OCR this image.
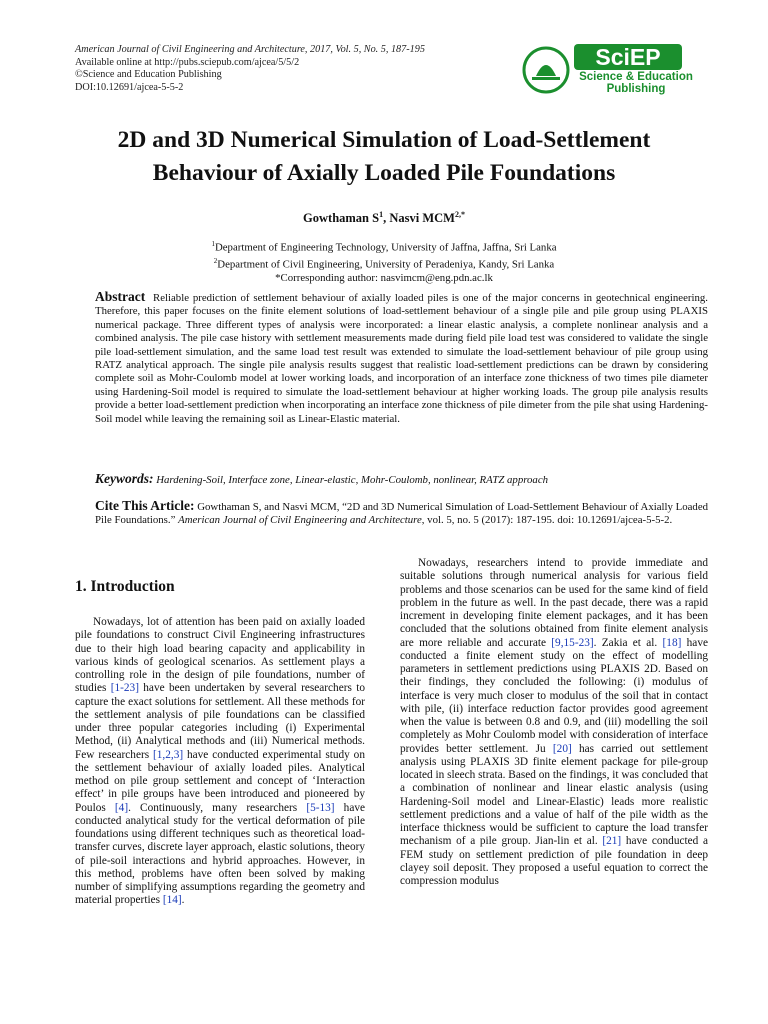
American Journal of Civil Engineering and Architecture, 2017, Vol. 5, No. 5, 187-195
Available online at http://pubs.sciepub.com/ajcea/5/5/2
©Science and Education Publishing
DOI:10.12691/ajcea-5-5-2
SciEP
Science & Education
Publishing
2D and 3D Numerical Simulation of Load-Settlement
Behaviour of Axially Loaded Pile Foundations
Gowthaman $S^1$, Nasvi $MCM^{2,*}$
$^1$Department of Engineering Technology, University of Jaffna, Jaffna, Sri Lanka
$^2$Department of Civil Engineering, University of Peradeniya, Kandy, Sri Lanka
*Corresponding author: nasvimcm@eng.pdn.ac.lk
Abstract Reliable prediction of settlement behaviour of axially loaded piles is one of the major concerns in geotechnical engineering. Therefore, this paper focuses on the finite element solutions of load-settlement behaviour of a single pile and pile group using PLAXIS numerical package. Three different types of analysis were incorporated: a linear elastic analysis, a complete nonlinear analysis and a combined analysis. The pile case history with settlement measurements made during field pile load test was considered to validate the single pile load-settlement simulation, and the same load test result was extended to simulate the load-settlement behaviour of pile group using RATZ analytical approach. The single pile analysis results suggest that realistic load-settlement predictions can be drawn by considering complete soil as Mohr-Coulomb model at lower working loads, and incorporation of an interface zone thickness of two times pile diameter using Hardening-Soil model is required to simulate the load-settlement behaviour at higher working loads. The group pile analysis results provide a better load-settlement prediction when incorporating an interface zone thickness of pile dimeter from the pile shat using Hardening-Soil model while leaving the remaining soil as Linear-Elastic material.
Keywords: Hardening-Soil, Interface zone, Linear-elastic, Mohr-Coulomb, nonlinear, RATZ approach
Cite This Article: Gowthaman S, and Nasvi MCM, “2D and 3D Numerical Simulation of Load-Settlement Behaviour of Axially Loaded Pile Foundations.” American Journal of Civil Engineering and Architecture, vol. 5, no. 5 (2017): 187-195. doi: 10.12691/ajcea-5-5-2.
1. Introduction

Nowadays, lot of attention has been paid on axially loaded pile foundations to construct Civil Engineering infrastructures due to their high load bearing capacity and applicability in various kinds of geological scenarios. As settlement plays a controlling role in the design of pile foundations, number of studies [1-23] have been undertaken by several researchers to capture the exact solutions for settlement. All these methods for the settlement analysis of pile foundations can be classified under three popular categories including (i) Experimental Method, (ii) Analytical methods and (iii) Numerical methods. Few researchers [1,2,3] have conducted experimental study on the settlement behaviour of axially loaded piles. Analytical method on pile group settlement and concept of ‘Interaction effect’ in pile groups have been introduced and pioneered by Poulos [4]. Continuously, many researchers [5-13] have conducted analytical study for the vertical deformation of pile foundations using different techniques such as theoretical load-transfer curves, discrete layer approach, elastic solutions, theory of pile-soil interactions and hybrid approaches. However, in this method, problems have often been solved by making number of simplifying assumptions regarding the geometry and material properties [14].

Nowadays, researchers intend to provide immediate and suitable solutions through numerical analysis for various field problems and those scenarios can be used for the same kind of field problem in the future as well. In the past decade, there was a rapid increment in developing finite element packages, and it has been concluded that the solutions obtained from finite element analysis are more reliable and accurate [9,15-23]. Zakia et al. [18] have conducted a finite element study on the effect of modelling parameters in settlement predictions using PLAXIS 2D. Based on their findings, they concluded the following: (i) modulus of interface is very much closer to modulus of the soil that in contact with pile, (ii) interface reduction factor provides good agreement when the value is between 0.8 and 0.9, and (iii) modelling the soil completely as Mohr Coulomb model with consideration of interface provides better settlement. Ju [20] has carried out settlement analysis using PLAXIS 3D finite element package for pile-group located in sleech strata. Based on the findings, it was concluded that a combination of nonlinear and linear elastic analysis (using Hardening-Soil model and Linear-Elastic) leads more realistic settlement predictions and a value of half of the pile width as the interface thickness would be sufficient to capture the load transfer mechanism of a pile group. Jian-lin et al. [21] have conducted a FEM study on settlement prediction of pile foundation in deep clayey soil deposit. They proposed a useful equation to correct the compression modulus
